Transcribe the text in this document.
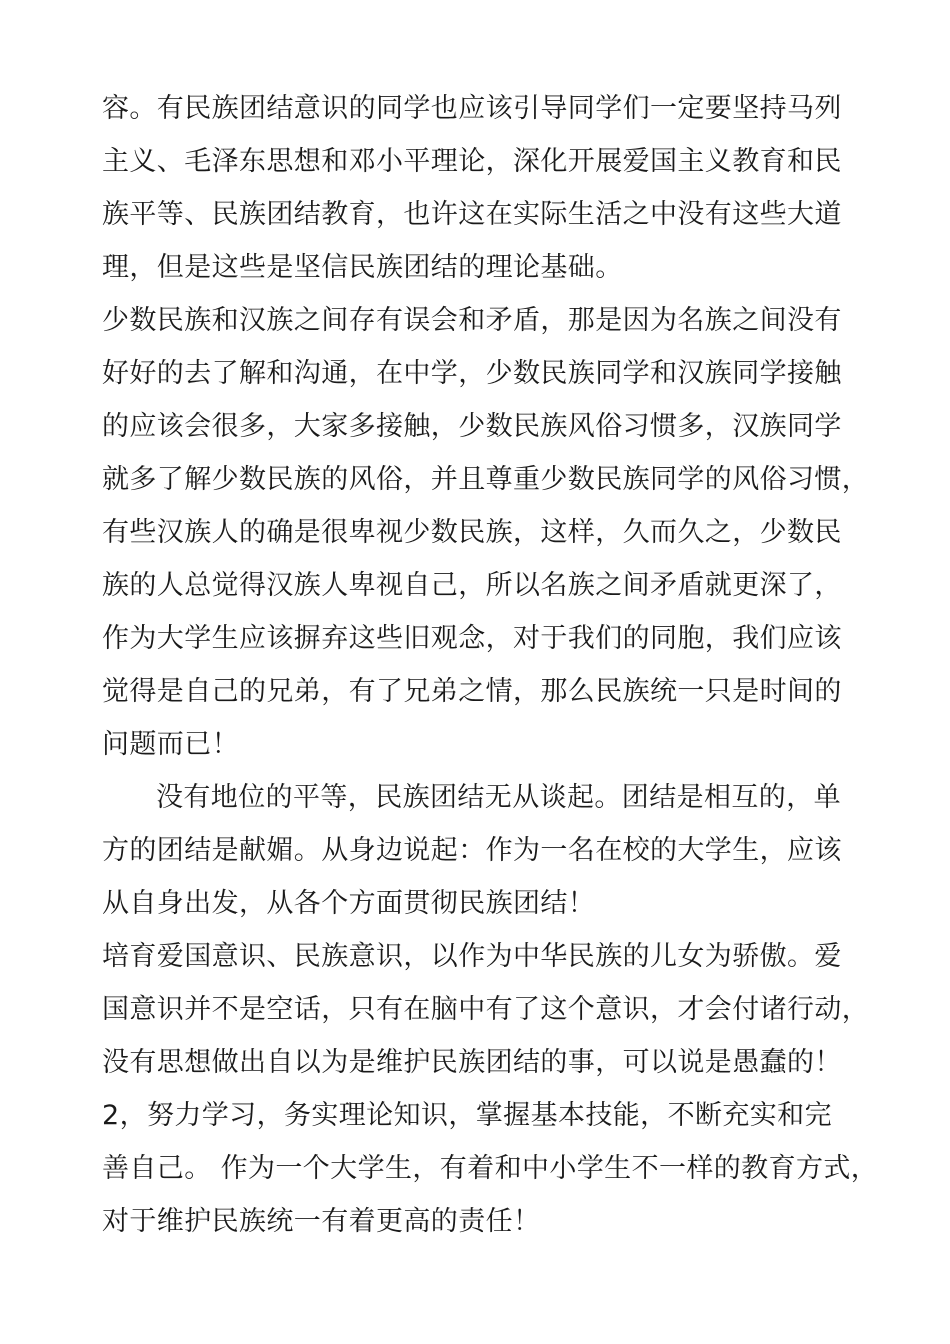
容。有民族团结意识的同学也应该引导同学们一定要坚持马列
主义、毛泽东思想和邓小平理论，深化开展爱国主义教育和民
族平等、民族团结教育，也许这在实际生活之中没有这些大道
理，但是这些是坚信民族团结的理论基础。
少数民族和汉族之间存有误会和矛盾，那是因为名族之间没有
好好的去了解和沟通，在中学，少数民族同学和汉族同学接触
的应该会很多，大家多接触，少数民族风俗习惯多，汉族同学
就多了解少数民族的风俗，并且尊重少数民族同学的风俗习惯，
有些汉族人的确是很卑视少数民族，这样，久而久之，少数民
族的人总觉得汉族人卑视自己，所以名族之间矛盾就更深了，
作为大学生应该摒弃这些旧观念，对于我们的同胞，我们应该
觉得是自己的兄弟，有了兄弟之情，那么民族统一只是时间的
问题而已！
没有地位的平等，民族团结无从谈起。团结是相互的，单
方的团结是献媚。从身边说起：作为一名在校的大学生，应该
从自身出发，从各个方面贯彻民族团结！
培育爱国意识、民族意识，以作为中华民族的儿女为骄傲。爱
国意识并不是空话，只有在脑中有了这个意识，才会付诸行动，
没有思想做出自以为是维护民族团结的事，可以说是愚蠢的！
2，努力学习，务实理论知识，掌握基本技能，不断充实和完
善自己。 作为一个大学生，有着和中小学生不一样的教育方式，
对于维护民族统一有着更高的责任！
